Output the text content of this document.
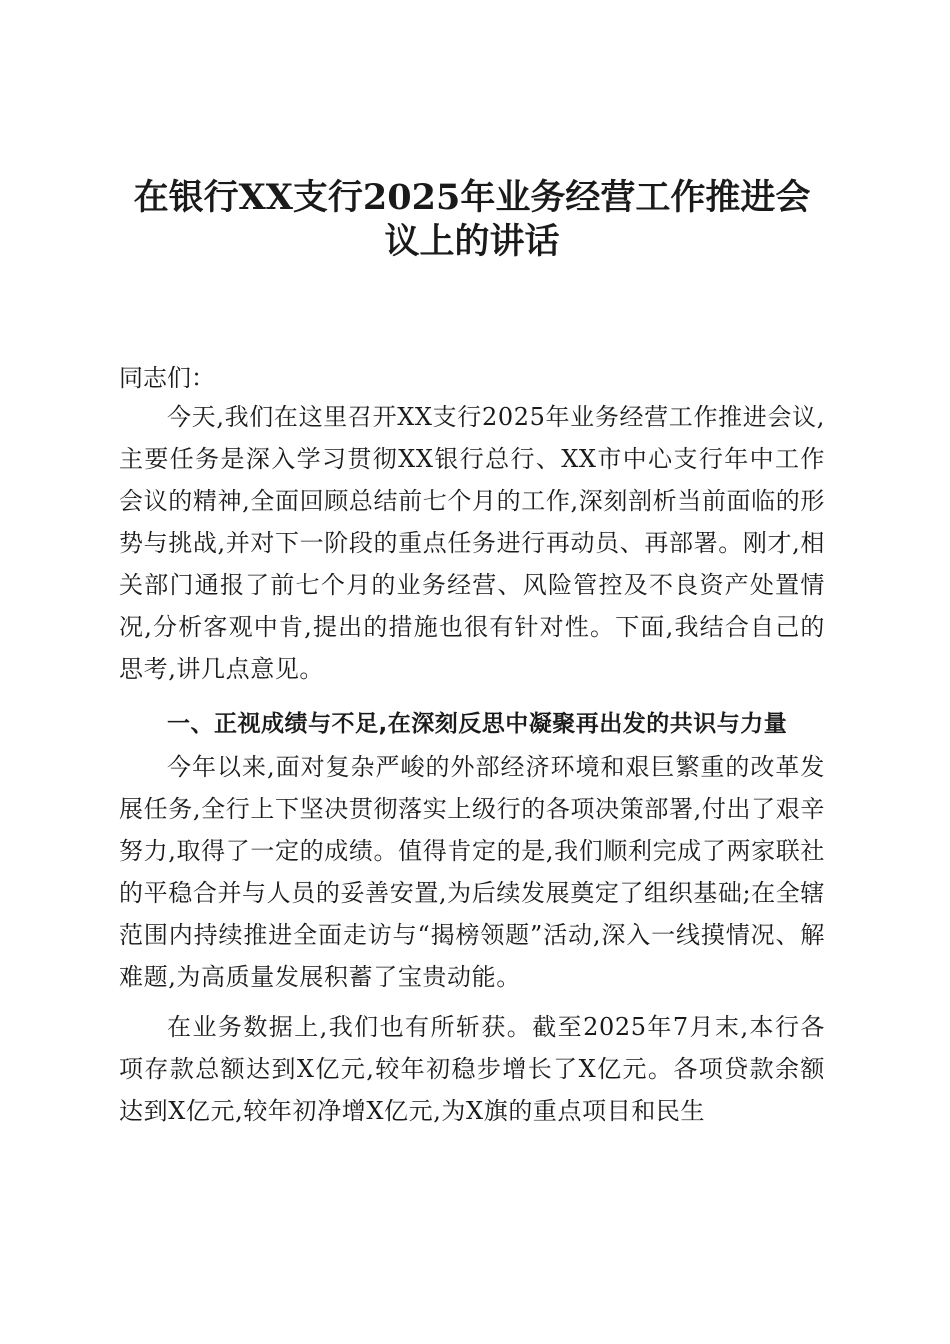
在银行XX支行2025年业务经营工作推进会
议上的讲话

同志们：

今天,我们在这里召开XX支行2025年业务经营工作推进会议,主要任务是深入学习贯彻XX银行总行、XX市中心支行年中工作会议的精神,全面回顾总结前七个月的工作,深刻剖析当前面临的形势与挑战,并对下一阶段的重点任务进行再动员、再部署。刚才,相关部门通报了前七个月的业务经营、风险管控及不良资产处置情况,分析客观中肯,提出的措施也很有针对性。下面,我结合自己的思考,讲几点意见。

一、正视成绩与不足,在深刻反思中凝聚再出发的共识与力量

今年以来,面对复杂严峻的外部经济环境和艰巨繁重的改革发展任务,全行上下坚决贯彻落实上级行的各项决策部署,付出了艰辛努力,取得了一定的成绩。值得肯定的是,我们顺利完成了两家联社的平稳合并与人员的妥善安置,为后续发展奠定了组织基础;在全辖范围内持续推进全面走访与“揭榜领题”活动,深入一线摸情况、解难题,为高质量发展积蓄了宝贵动能。

在业务数据上,我们也有所斩获。截至2025年7月末,本行各项存款总额达到X亿元,较年初稳步增长了X亿元。各项贷款余额达到X亿元,较年初净增X亿元,为X旗的重点项目和民生
